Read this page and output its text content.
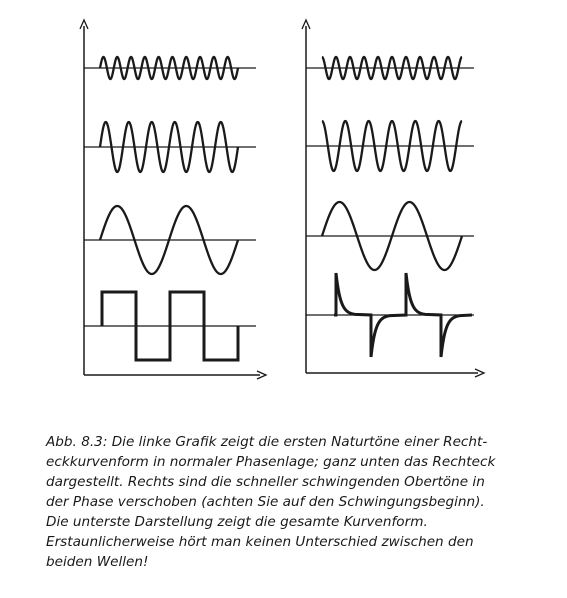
Abb. 8.3: Die linke Grafik zeigt die ersten Naturtöne einer Recht-
eckkurvenform in normaler Phasenlage; ganz unten das Rechteck
dargestellt. Rechts sind die schneller schwingenden Obertöne in
der Phase verschoben (achten Sie auf den Schwingungsbeginn).
Die unterste Darstellung zeigt die gesamte Kurvenform.
Erstaunlicherweise hört man keinen Unterschied zwischen den
beiden Wellen!
